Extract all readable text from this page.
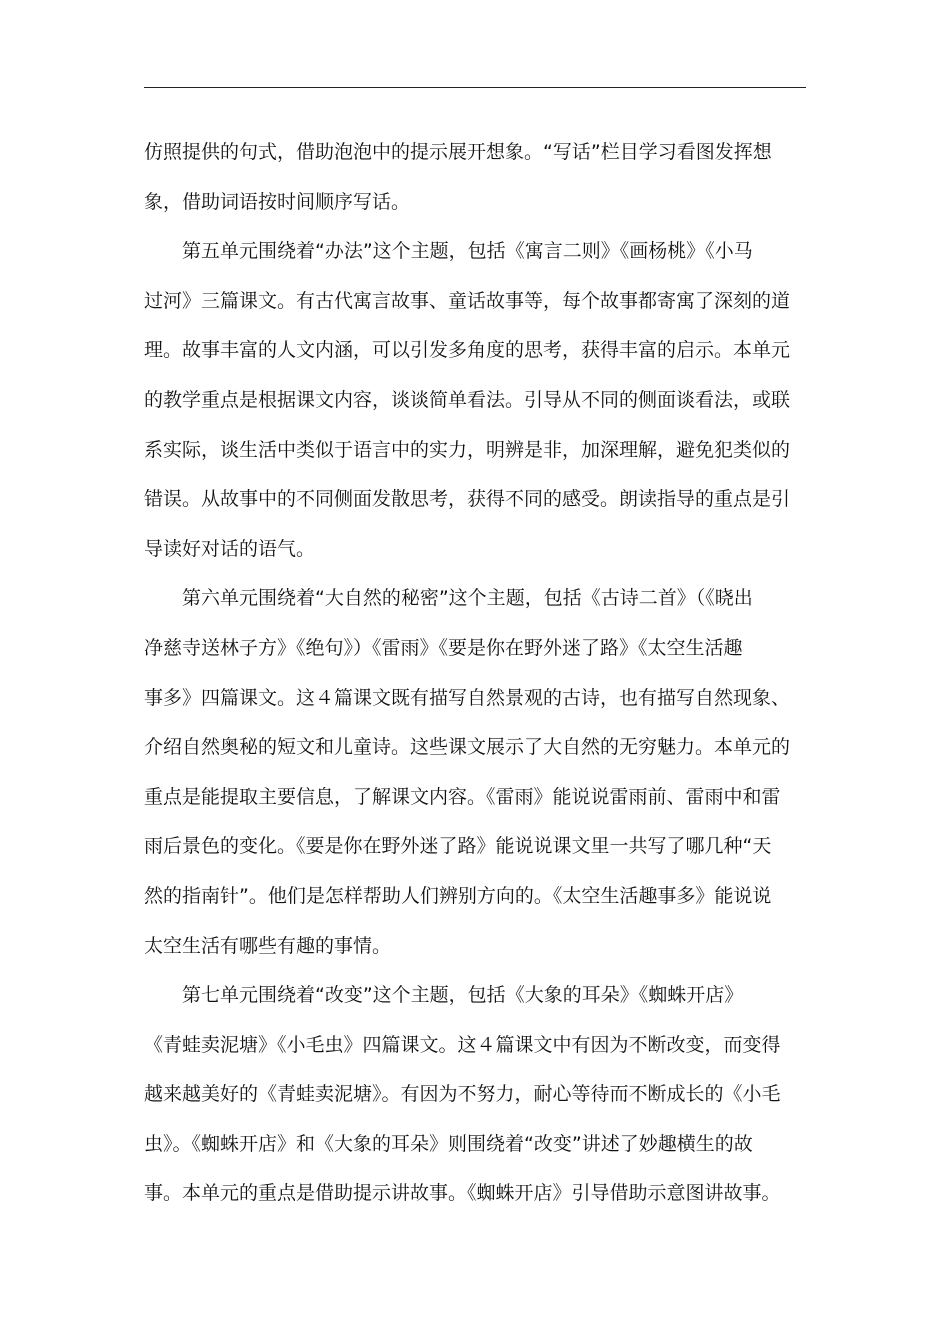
仿照提供的句式，借助泡泡中的提示展开想象。“写话”栏目学习看图发挥想
象，借助词语按时间顺序写话。
第五单元围绕着“办法”这个主题，包括《寓言二则》《画杨桃》《小马
过河》三篇课文。有古代寓言故事、童话故事等，每个故事都寄寓了深刻的道
理。故事丰富的人文内涵，可以引发多角度的思考，获得丰富的启示。本单元
的教学重点是根据课文内容，谈谈简单看法。引导从不同的侧面谈看法，或联
系实际，谈生活中类似于语言中的实力，明辨是非，加深理解，避免犯类似的
错误。从故事中的不同侧面发散思考，获得不同的感受。朗读指导的重点是引
导读好对话的语气。
第六单元围绕着“大自然的秘密”这个主题，包括《古诗二首》（《晓出
净慈寺送林子方》《绝句》）《雷雨》《要是你在野外迷了路》《太空生活趣
事多》四篇课文。这４篇课文既有描写自然景观的古诗，也有描写自然现象、
介绍自然奥秘的短文和儿童诗。这些课文展示了大自然的无穷魅力。本单元的
重点是能提取主要信息，了解课文内容。《雷雨》能说说雷雨前、雷雨中和雷
雨后景色的变化。《要是你在野外迷了路》能说说课文里一共写了哪几种“天
然的指南针”。他们是怎样帮助人们辨别方向的。《太空生活趣事多》能说说
太空生活有哪些有趣的事情。
第七单元围绕着“改变”这个主题，包括《大象的耳朵》《蜘蛛开店》
《青蛙卖泥塘》《小毛虫》四篇课文。这４篇课文中有因为不断改变，而变得
越来越美好的《青蛙卖泥塘》。有因为不努力，耐心等待而不断成长的《小毛
虫》。《蜘蛛开店》和《大象的耳朵》则围绕着“改变”讲述了妙趣横生的故
事。本单元的重点是借助提示讲故事。《蜘蛛开店》引导借助示意图讲故事。
